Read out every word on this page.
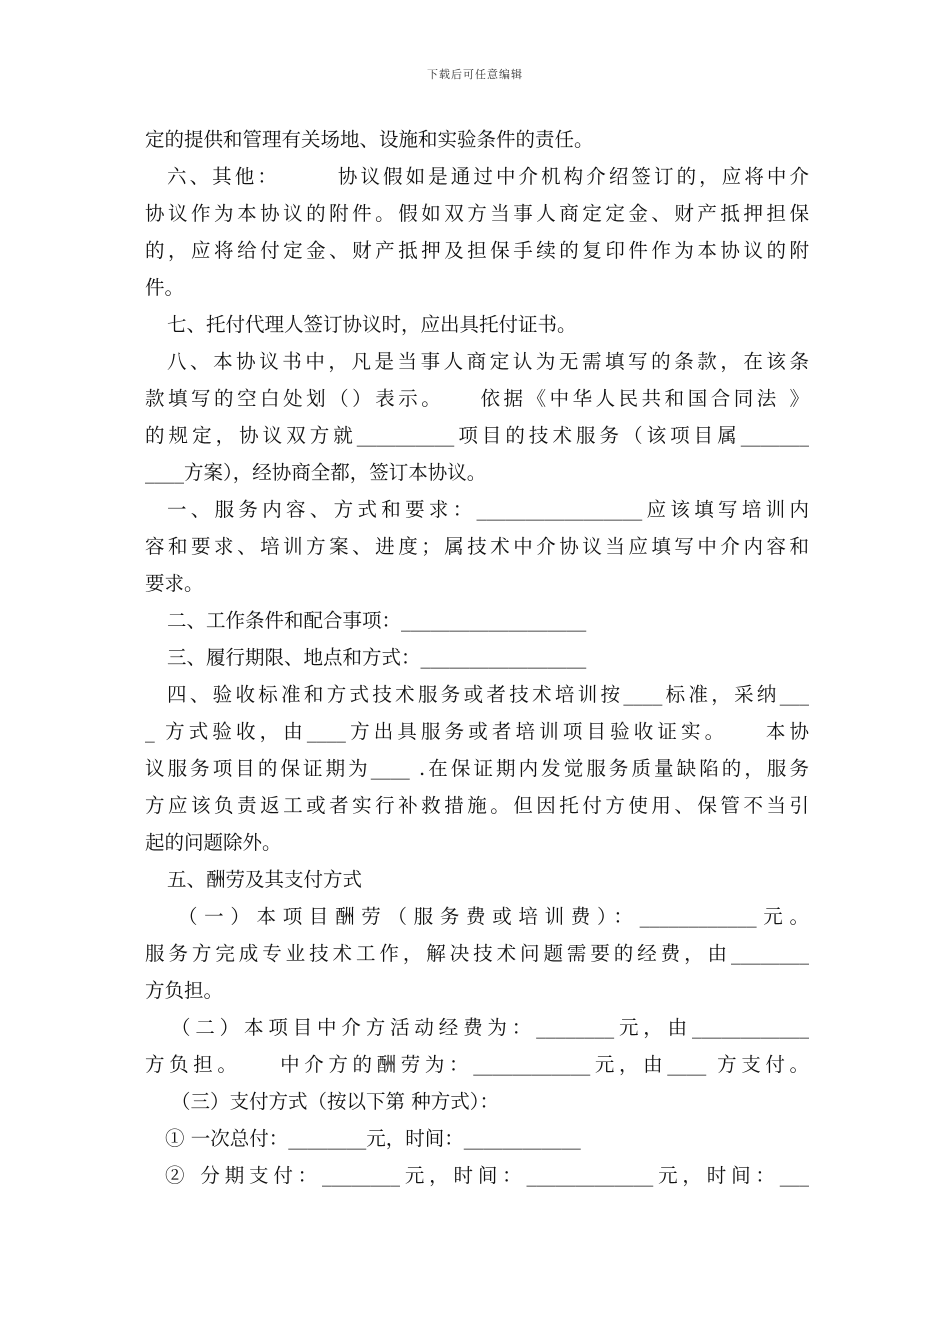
下载后可任意编辑
定的提供和管理有关场地、设施和实验条件的责任。
六、其他：　　　协议假如是通过中介机构介绍签订的，应将中介
协议作为本协议的附件。假如双方当事人商定定金、财产抵押担保
的，应将给付定金、财产抵押及担保手续的复印件作为本协议的附
件。
七、托付代理人签订协议时，应出具托付证书。
八、本协议书中，凡是当事人商定认为无需填写的条款，在该条
款填写的空白处划（）表示。　　依据《中华人民共和国合同法 》
的规定，协议双方就__________项目的技术服务（该项目属_______
____方案），经协商全都，签订本协议。
一、服务内容、方式和要求：_________________应该填写培训内
容和要求、培训方案、进度；属技术中介协议当应填写中介内容和
要求。
二、工作条件和配合事项：___________________
三、履行期限、地点和方式：_________________
四、验收标准和方式技术服务或者技术培训按____标准，采纳___
_ 方式验收，由____方出具服务或者培训项目验收证实。　　本协
议服务项目的保证期为____ .在保证期内发觉服务质量缺陷的，服务
方应该负责返工或者实行补救措施。但因托付方使用、保管不当引
起的问题除外。
五、酬劳及其支付方式
（一）本项目酬劳（服务费或培训费）：____________元。
服务方完成专业技术工作，解决技术问题需要的经费，由________
方负担。
（二）本项目中介方活动经费为：________元，由____________
方负担。　　中介方的酬劳为：____________元，由____ 方支付。
（三）支付方式（按以下第 种方式）：
① 一次总付：________元，时间：____________
② 分期支付：________元，时间：_____________元，时间：___
